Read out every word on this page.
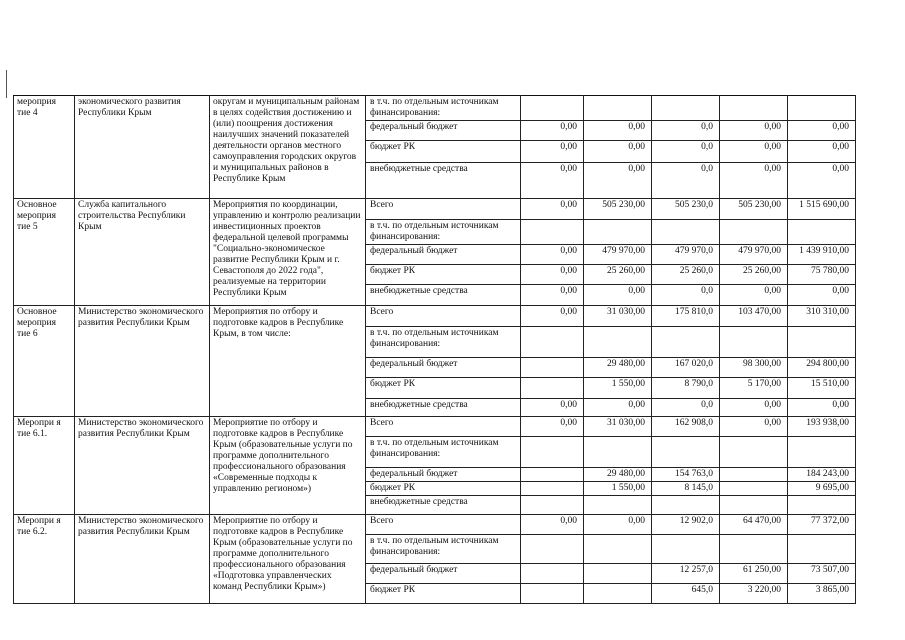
мероприя тие 4	экономического развития Республики Крым	округам и муниципальным районам в целях содействия достижению и (или) поощрения достижения наилучших значений показателей деятельности органов местного самоуправления городских округов и муниципальных районов в Республике Крым	в т.ч. по отдельным источникам финансирования:					
			федеральный бюджет	0,00	0,00	0,0	0,00	0,00
			бюджет РК	0,00	0,00	0,0	0,00	0,00
			внебюджетные средства	0,00	0,00	0,0	0,00	0,00
Основное мероприя тие 5	Служба капитального строительства Республики Крым	Мероприятия по координации, управлению и контролю реализации инвестиционных проектов федеральной целевой программы "Социально-экономическое развитие Республики Крым и г. Севастополя до 2022 года", реализуемые на территории Республики Крым	Всего	0,00	505 230,00	505 230,0	505 230,00	1 515 690,00
			в т.ч. по отдельным источникам финансирования:					
			федеральный бюджет	0,00	479 970,00	479 970,0	479 970,00	1 439 910,00
			бюджет РК	0,00	25 260,00	25 260,0	25 260,00	75 780,00
			внебюджетные средства	0,00	0,00	0,0	0,00	0,00
Основное мероприя тие 6	Министерство экономического развития Республики Крым	Мероприятия по отбору и подготовке кадров в Республике Крым, в том числе:	Всего	0,00	31 030,00	175 810,0	103 470,00	310 310,00
			в т.ч. по отдельным источникам финансирования:					
			федеральный бюджет		29 480,00	167 020,0	98 300,00	294 800,00
			бюджет РК		1 550,00	8 790,0	5 170,00	15 510,00
			внебюджетные средства	0,00	0,00	0,0	0,00	0,00
Меропри я тие 6.1.	Министерство экономического развития Республики Крым	Мероприятие по отбору и подготовке кадров в Республике Крым (образовательные услуги по программе дополнительного профессионального образования «Современные подходы к управлению регионом»)	Всего	0,00	31 030,00	162 908,0	0,00	193 938,00
			в т.ч. по отдельным источникам финансирования:					
			федеральный бюджет		29 480,00	154 763,0		184 243,00
			бюджет РК		1 550,00	8 145,0		9 695,00
			внебюджетные средства					
Меропри я тие 6.2.	Министерство экономического развития Республики Крым	Мероприятие по отбору и подготовке кадров в Республике Крым (образовательные услуги по программе дополнительного профессионального образования «Подготовка управленческих команд Республики Крым»)	Всего	0,00	0,00	12 902,0	64 470,00	77 372,00
			в т.ч. по отдельным источникам финансирования:					
			федеральный бюджет			12 257,0	61 250,00	73 507,00
			бюджет РК			645,0	3 220,00	3 865,00
